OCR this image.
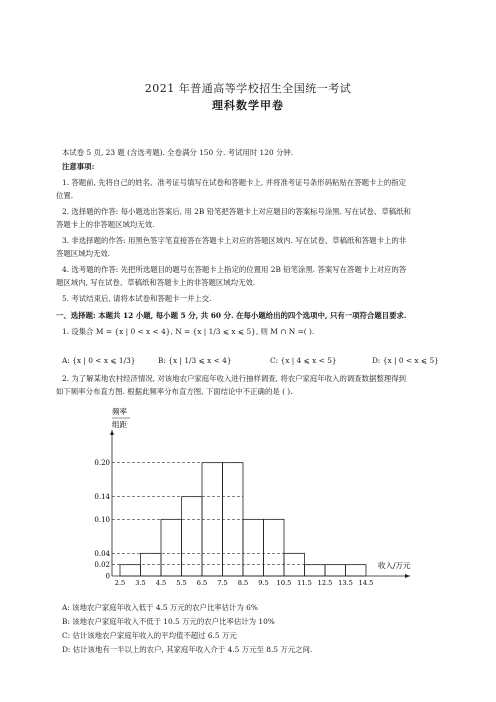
2021 年普通高等学校招生全国统一考试
理科数学甲卷
本试卷 5 页, 23 题 (含选考题). 全卷满分 150 分. 考试用时 120 分钟.
注意事项:
1. 答题前, 先将自己的姓名、准考证号填写在试卷和答题卡上, 并将准考证号条形码粘贴在答题卡上的指定
位置.
2. 选择题的作答: 每小题选出答案后, 用 2B 铅笔把答题卡上对应题目的答案标号涂黑. 写在试卷、草稿纸和
答题卡上的非答题区域均无效.
3. 非选择题的作答: 用黑色签字笔直接答在答题卡上对应的答题区域内. 写在试卷、草稿纸和答题卡上的非
答题区域均无效.
4. 选考题的作答: 先把所选题目的题号在答题卡上指定的位置用 2B 铅笔涂黑. 答案写在答题卡上对应的答
题区域内, 写在试卷、草稿纸和答题卡上的非答题区域均无效.
5. 考试结束后, 请将本试卷和答题卡一并上交.
一、选择题: 本题共 12 小题, 每小题 5 分, 共 60 分. 在每小题给出的四个选项中, 只有一项符合题目要求.
1. 设集合 M = {x | 0 < x < 4}, N = {x | 1/3 ⩽ x ⩽ 5}, 则 M ∩ N =( ).
A: {x | 0 < x ⩽ 1/3}	B: {x | 1/3 ⩽ x < 4}	C: {x | 4 ⩽ x < 5}	D: {x | 0 < x ⩽ 5}
2. 为了解某地农村经济情况, 对该地农户家庭年收入进行抽样调查, 将农户家庭年收入的调查数据整理得到
如下频率分布直方图. 根据此频率分布直方图, 下面结论中不正确的是 ( ).
频率
组距
收入/万元
0
0.02
0.04
0.10
0.14
0.20
2.5 3.5 4.5 5.5 6.5 7.5 8.5 9.5 10.5 11.5 12.5 13.5 14.5
A: 该地农户家庭年收入低于 4.5 万元的农户比率估计为 6%
B: 该地农户家庭年收入不低于 10.5 万元的农户比率估计为 10%
C: 估计该地农户家庭年收入的平均值不超过 6.5 万元
D: 估计该地有一半以上的农户, 其家庭年收入介于 4.5 万元至 8.5 万元之间.
